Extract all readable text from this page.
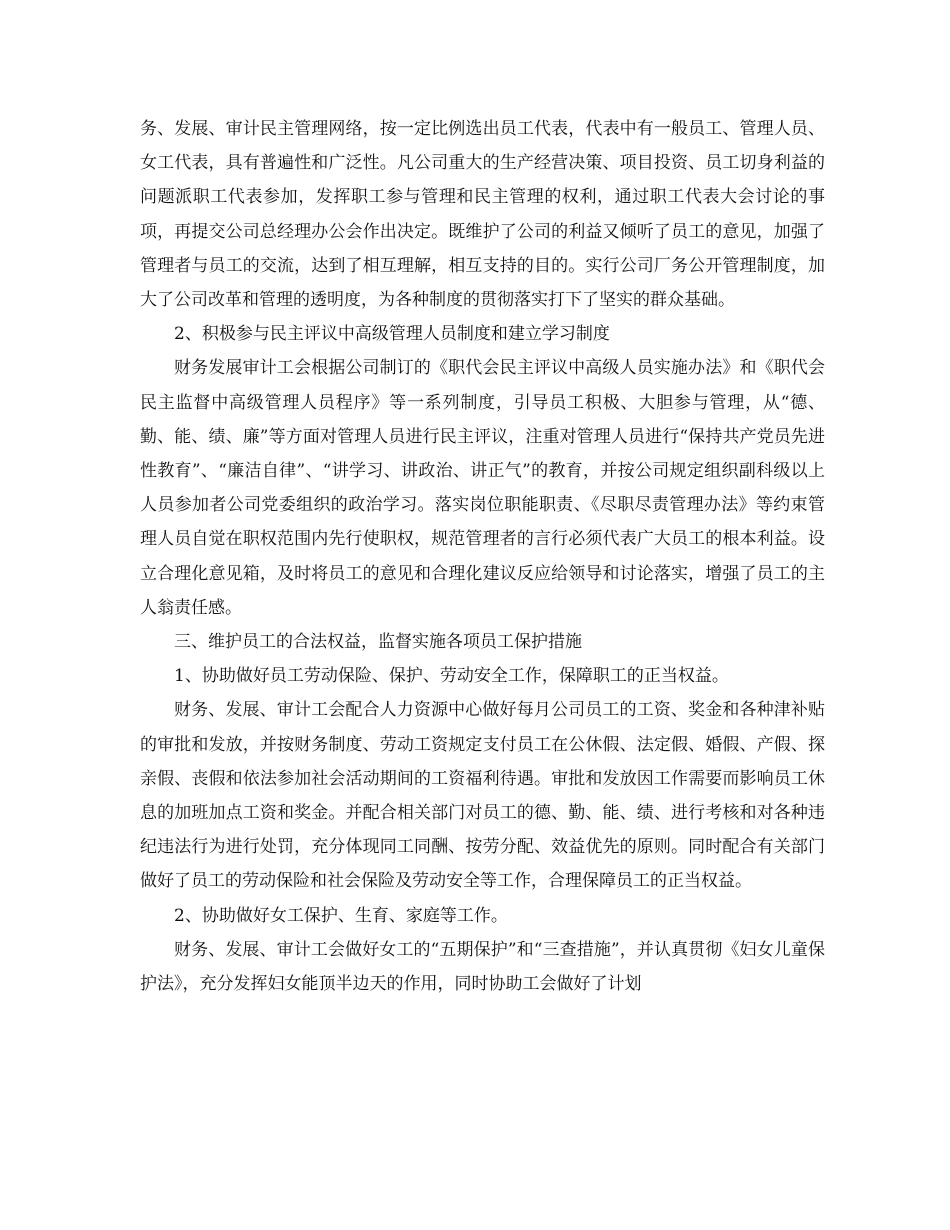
务、发展、审计民主管理网络，按一定比例选出员工代表，代表中有一般员工、管理人员、女工代表，具有普遍性和广泛性。凡公司重大的生产经营决策、项目投资、员工切身利益的问题派职工代表参加，发挥职工参与管理和民主管理的权利，通过职工代表大会讨论的事项，再提交公司总经理办公会作出决定。既维护了公司的利益又倾听了员工的意见，加强了管理者与员工的交流，达到了相互理解，相互支持的目的。实行公司厂务公开管理制度，加大了公司改革和管理的透明度，为各种制度的贯彻落实打下了坚实的群众基础。

2、积极参与民主评议中高级管理人员制度和建立学习制度

财务发展审计工会根据公司制订的《职代会民主评议中高级人员实施办法》和《职代会民主监督中高级管理人员程序》等一系列制度，引导员工积极、大胆参与管理，从“德、勤、能、绩、廉”等方面对管理人员进行民主评议，注重对管理人员进行“保持共产党员先进性教育”、“廉洁自律”、“讲学习、讲政治、讲正气”的教育，并按公司规定组织副科级以上人员参加者公司党委组织的政治学习。落实岗位职能职责、《尽职尽责管理办法》等约束管理人员自觉在职权范围内先行使职权，规范管理者的言行必须代表广大员工的根本利益。设立合理化意见箱，及时将员工的意见和合理化建议反应给领导和讨论落实，增强了员工的主人翁责任感。

三、维护员工的合法权益，监督实施各项员工保护措施

1、协助做好员工劳动保险、保护、劳动安全工作，保障职工的正当权益。

财务、发展、审计工会配合人力资源中心做好每月公司员工的工资、奖金和各种津补贴的审批和发放，并按财务制度、劳动工资规定支付员工在公休假、法定假、婚假、产假、探亲假、丧假和依法参加社会活动期间的工资福利待遇。审批和发放因工作需要而影响员工休息的加班加点工资和奖金。并配合相关部门对员工的德、勤、能、绩、进行考核和对各种违纪违法行为进行处罚，充分体现同工同酬、按劳分配、效益优先的原则。同时配合有关部门做好了员工的劳动保险和社会保险及劳动安全等工作，合理保障员工的正当权益。

2、协助做好女工保护、生育、家庭等工作。

财务、发展、审计工会做好女工的“五期保护”和“三查措施”，并认真贯彻《妇女儿童保护法》，充分发挥妇女能顶半边天的作用，同时协助工会做好了计划
